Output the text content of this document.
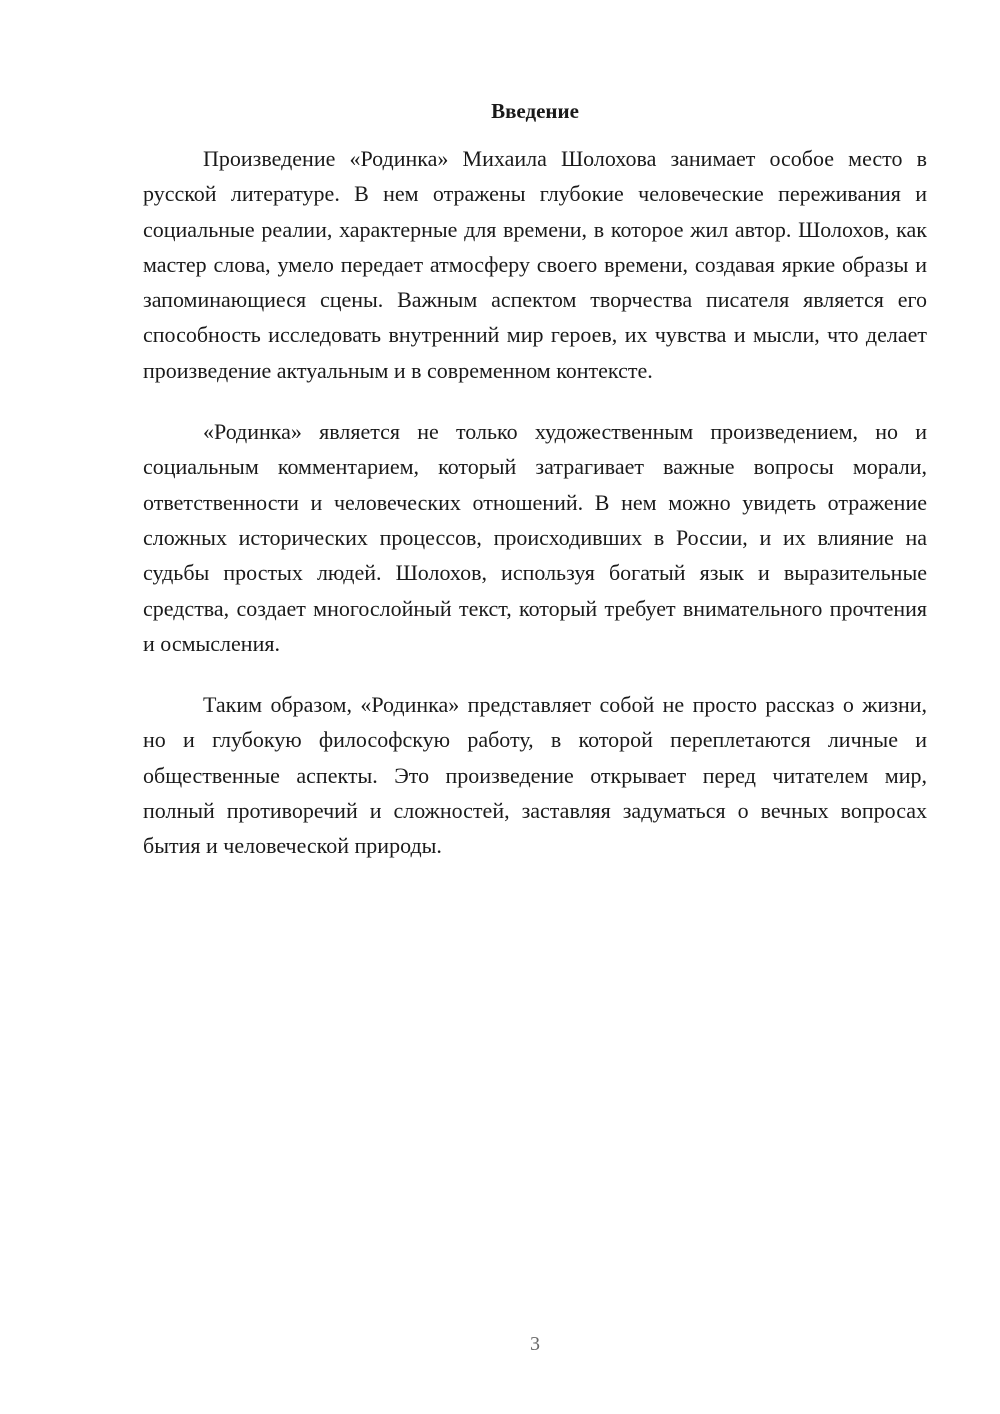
Введение

Произведение «Родинка» Михаила Шолохова занимает особое место в русской литературе. В нем отражены глубокие человеческие переживания и социальные реалии, характерные для времени, в которое жил автор. Шолохов, как мастер слова, умело передает атмосферу своего времени, создавая яркие образы и запоминающиеся сцены. Важным аспектом творчества писателя является его способность исследовать внутренний мир героев, их чувства и мысли, что делает произведение актуальным и в современном контексте.

«Родинка» является не только художественным произведением, но и социальным комментарием, который затрагивает важные вопросы морали, ответственности и человеческих отношений. В нем можно увидеть отражение сложных исторических процессов, происходивших в России, и их влияние на судьбы простых людей. Шолохов, используя богатый язык и выразительные средства, создает многослойный текст, который требует внимательного прочтения и осмысления.

Таким образом, «Родинка» представляет собой не просто рассказ о жизни, но и глубокую философскую работу, в которой переплетаются личные и общественные аспекты. Это произведение открывает перед читателем мир, полный противоречий и сложностей, заставляя задуматься о вечных вопросах бытия и человеческой природы.

3
